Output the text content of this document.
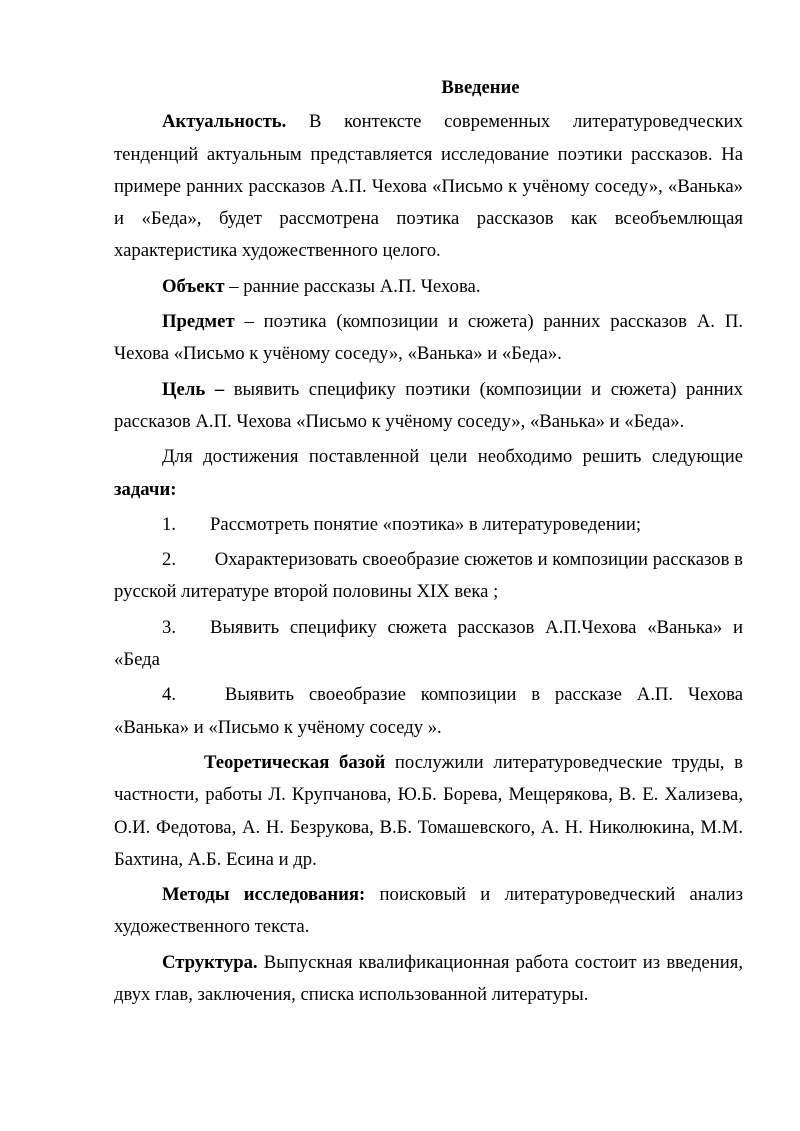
Введение

Актуальность. В контексте современных литературоведческих тенденций актуальным представляется исследование поэтики рассказов. На примере ранних рассказов А.П. Чехова «Письмо к учёному соседу», «Ванька» и «Беда», будет рассмотрена поэтика рассказов как всеобъемлющая характеристика художественного целого.

Объект – ранние рассказы А.П. Чехова.

Предмет – поэтика (композиции и сюжета) ранних рассказов А. П. Чехова «Письмо к учёному соседу», «Ванька» и «Беда».

Цель – выявить специфику поэтики (композиции и сюжета) ранних рассказов А.П. Чехова «Письмо к учёному соседу», «Ванька» и «Беда».

Для достижения поставленной цели необходимо решить следующие задачи:

1. Рассмотреть понятие «поэтика» в литературоведении;

2. Охарактеризовать своеобразие сюжетов и композиции рассказов в русской литературе второй половины XIX века ;

3. Выявить специфику сюжета рассказов А.П.Чехова «Ванька» и «Беда

4. Выявить своеобразие композиции в рассказе А.П. Чехова «Ванька» и «Письмо к учёному соседу ».

Теоретическая базой послужили литературоведческие труды, в частности, работы Л. Крупчанова, Ю.Б. Борева, Мещерякова, В. Е. Хализева, О.И. Федотова, А. Н. Безрукова, В.Б. Томашевского, А. Н. Николюкина, М.М. Бахтина, А.Б. Есина и др.

Методы исследования: поисковый и литературоведческий анализ художественного текста.

Структура. Выпускная квалификационная работа состоит из введения, двух глав, заключения, списка использованной литературы.
